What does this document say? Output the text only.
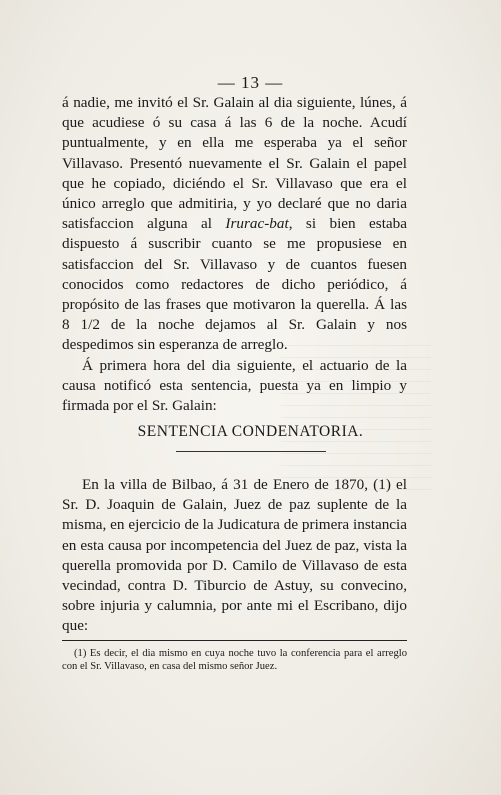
— 13 —

á nadie, me invitó el Sr. Galain al dia siguiente, lúnes, á que acudiese ó su casa á las 6 de la noche. Acudí puntualmente, y en ella me esperaba ya el señor Villavaso. Presentó nuevamente el Sr. Galain el papel que he copiado, diciéndo el Sr. Villavaso que era el único arreglo que admitiria, y yo declaré que no daria satisfaccion alguna al Irurac-bat, si bien estaba dispuesto á suscribir cuanto se me propusiese en satisfaccion del Sr. Villavaso y de cuantos fuesen conocidos como redactores de dicho periódico, á propósito de las frases que motivaron la querella. Á las 8 1/2 de la noche dejamos al Sr. Galain y nos despedimos sin esperanza de arreglo.

Á primera hora del dia siguiente, el actuario de la causa notificó esta sentencia, puesta ya en limpio y firmada por el Sr. Galain:

SENTENCIA CONDENATORIA.

En la villa de Bilbao, á 31 de Enero de 1870, (1) el Sr. D. Joaquin de Galain, Juez de paz suplente de la misma, en ejercicio de la Judicatura de primera instancia en esta causa por incompetencia del Juez de paz, vista la querella promovida por D. Camilo de Villavaso de esta vecindad, contra D. Tiburcio de Astuy, su convecino, sobre injuria y calumnia, por ante mi el Escribano, dijo que:

(1) Es decir, el dia mismo en cuya noche tuvo la conferencia para el arreglo con el Sr. Villavaso, en casa del mismo señor Juez.
